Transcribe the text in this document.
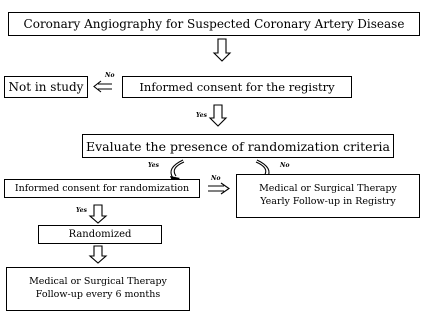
Coronary Angiography for Suspected Coronary Artery Disease
Not in study
No
Informed consent for the registry
Yes
Evaluate the presence of randomization criteria
Yes	No
Informed consent for randomization
No
Medical or Surgical Therapy
Yearly Follow-up in Registry
Yes
Randomized
Medical or Surgical Therapy
Follow-up every 6 months
